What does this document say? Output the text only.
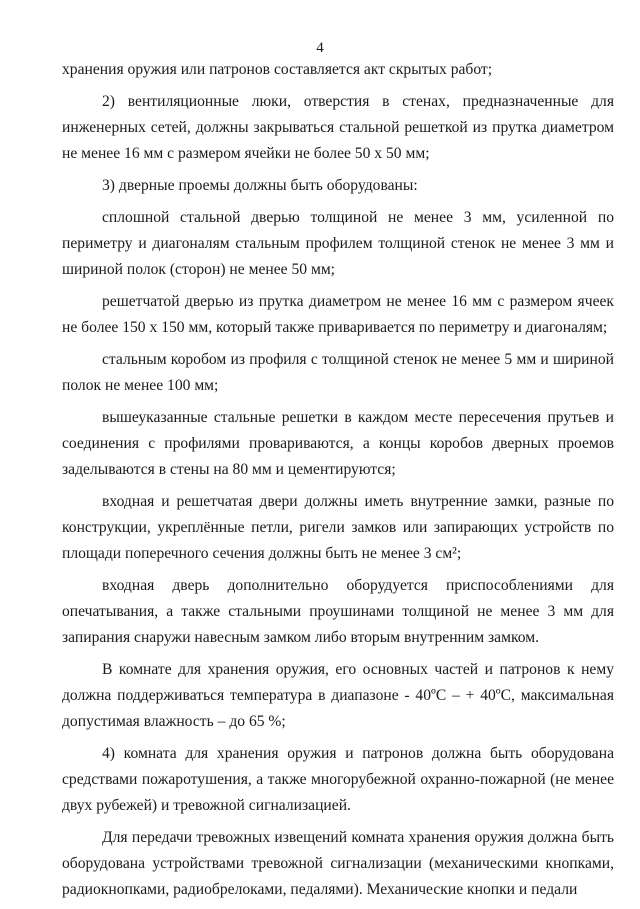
4

хранения оружия или патронов составляется акт скрытых работ;

2) вентиляционные люки, отверстия в стенах, предназначенные для инженерных сетей, должны закрываться стальной решеткой из прутка диаметром не менее 16 мм с размером ячейки не более 50 х 50 мм;

3) дверные проемы должны быть оборудованы:

сплошной стальной дверью толщиной не менее 3 мм, усиленной по периметру и диагоналям стальным профилем толщиной стенок не менее 3 мм и шириной полок (сторон) не менее 50 мм;

решетчатой дверью из прутка диаметром не менее 16 мм с размером ячеек не более 150 х 150 мм, который также приваривается по периметру и диагоналям;

стальным коробом из профиля с толщиной стенок не менее 5 мм и шириной полок не менее 100 мм;

вышеуказанные стальные решетки в каждом месте пересечения прутьев и соединения с профилями провариваются, а концы коробов дверных проемов заделываются в стены на 80 мм и цементируются;

входная и решетчатая двери должны иметь внутренние замки, разные по конструкции, укреплённые петли, ригели замков или запирающих устройств по площади поперечного сечения должны быть не менее 3 см²;

входная дверь дополнительно оборудуется приспособлениями для опечатывания, а также стальными проушинами толщиной не менее 3 мм для запирания снаружи навесным замком либо вторым внутренним замком.

В комнате для хранения оружия, его основных частей и патронов к нему должна поддерживаться температура в диапазоне - 40ºС – + 40ºС, максимальная допустимая влажность – до 65 %;

4) комната для хранения оружия и патронов должна быть оборудована средствами пожаротушения, а также многорубежной охранно-пожарной (не менее двух рубежей) и тревожной сигнализацией.

Для передачи тревожных извещений комната хранения оружия должна быть оборудована устройствами тревожной сигнализации (механическими кнопками, радиокнопками, радиобрелоками, педалями). Механические кнопки и педали
